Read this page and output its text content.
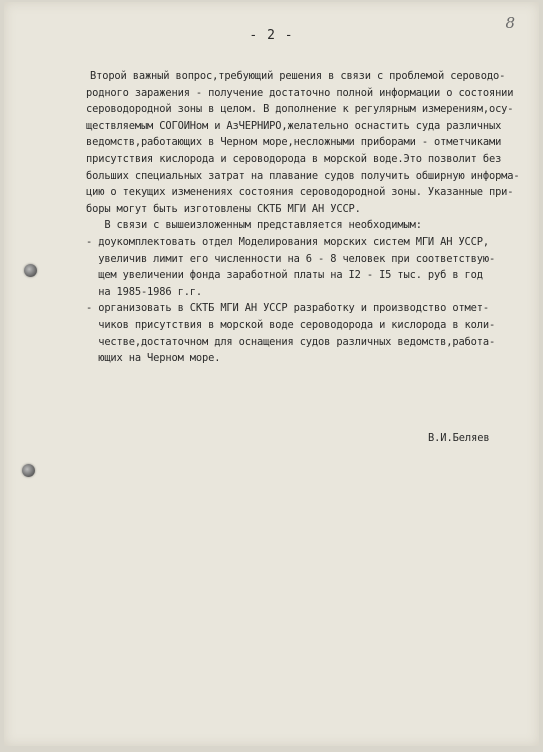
8
- 2 -
Второй важный вопрос,требующий решения в связи с проблемой сероводо-
родного заражения - получение достаточно полной информации о состоянии
сероводородной зоны в целом. В дополнение к регулярным измерениям,осу-
ществляемым СОГОИНом и АзЧЕРНИРО,желательно оснастить суда различных
ведомств,работающих в Черном море,несложными приборами - отметчиками
присутствия кислорода и сероводорода в морской воде.Это позволит без
больших специальных затрат на плавание судов получить обширную информа-
цию о текущих изменениях состояния сероводородной зоны. Указанные при-
боры могут быть изготовлены СКТБ МГИ АН УССР.
В связи с вышеизложенным представляется необходимым:
- доукомплектовать отдел Моделирования морских систем МГИ АН УССР,
увеличив лимит его численности на 6 - 8 человек при соответствую-
щем увеличении фонда заработной платы на I2 - I5 тыс. руб в год
на 1985-1986 г.г.
- организовать в СКТБ МГИ АН УССР разработку и производство отмет-
чиков присутствия в морской воде сероводорода и кислорода в коли-
честве,достаточном для оснащения судов различных ведомств,работа-
ющих на Черном море.
В.И.Беляев
